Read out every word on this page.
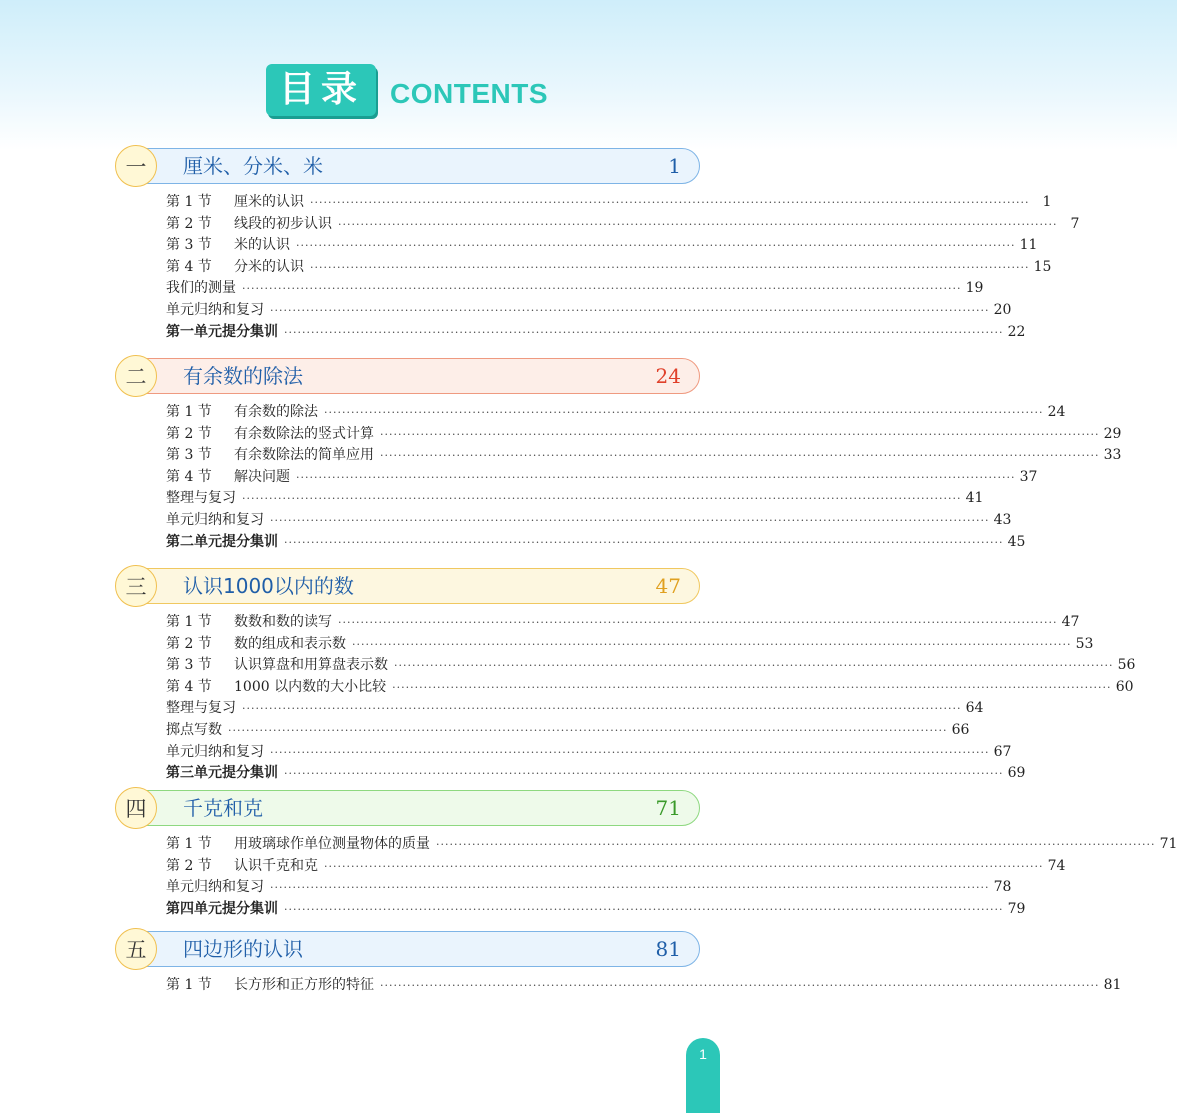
目录 CONTENTS
一	厘米、分米、米	1
第 1 节	厘米的认识 ································································································································································ 1
第 2 节	线段的初步认识 ································································································································································ 7
第 3 节	米的认识 ································································································································································ 11
第 4 节	分米的认识 ································································································································································ 15
我们的测量 ································································································································································ 19
单元归纳和复习 ································································································································································ 20
第一单元提分集训 ································································································································································ 22
二	有余数的除法	24
第 1 节	有余数的除法 ································································································································································ 24
第 2 节	有余数除法的竖式计算 ································································································································································ 29
第 3 节	有余数除法的简单应用 ································································································································································ 33
第 4 节	解决问题 ································································································································································ 37
整理与复习 ································································································································································ 41
单元归纳和复习 ································································································································································ 43
第二单元提分集训 ································································································································································ 45
三	认识1000以内的数	47
第 1 节	数数和数的读写 ································································································································································ 47
第 2 节	数的组成和表示数 ································································································································································ 53
第 3 节	认识算盘和用算盘表示数 ································································································································································ 56
第 4 节	1000 以内数的大小比较 ································································································································································ 60
整理与复习 ································································································································································ 64
掷点写数 ································································································································································ 66
单元归纳和复习 ································································································································································ 67
第三单元提分集训 ································································································································································ 69
四	千克和克	71
第 1 节	用玻璃球作单位测量物体的质量 ································································································································································ 71
第 2 节	认识千克和克 ································································································································································ 74
单元归纳和复习 ································································································································································ 78
第四单元提分集训 ································································································································································ 79
五	四边形的认识	81
第 1 节	长方形和正方形的特征 ································································································································································ 81
1
